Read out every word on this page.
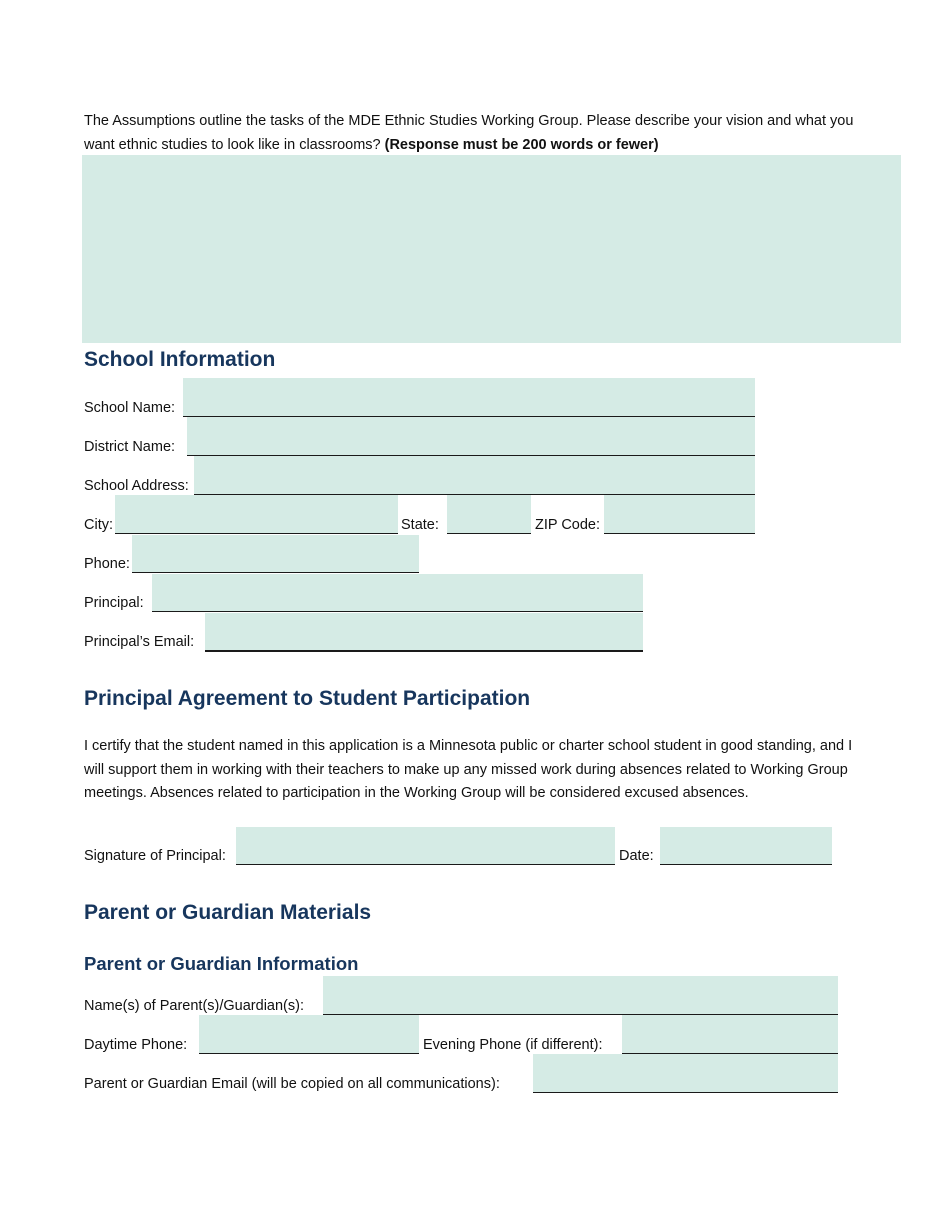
The Assumptions outline the tasks of the MDE Ethnic Studies Working Group. Please describe your vision and what you want ethnic studies to look like in classrooms? (Response must be 200 words or fewer)
School Information
School Name:
District Name:
School Address:
City:	State:	ZIP Code:
Phone:
Principal:
Principal’s Email:
Principal Agreement to Student Participation
I certify that the student named in this application is a Minnesota public or charter school student in good standing, and I will support them in working with their teachers to make up any missed work during absences related to Working Group meetings. Absences related to participation in the Working Group will be considered excused absences.
Signature of Principal:	Date:
Parent or Guardian Materials
Parent or Guardian Information
Name(s) of Parent(s)/Guardian(s):
Daytime Phone:	Evening Phone (if different):
Parent or Guardian Email (will be copied on all communications):
